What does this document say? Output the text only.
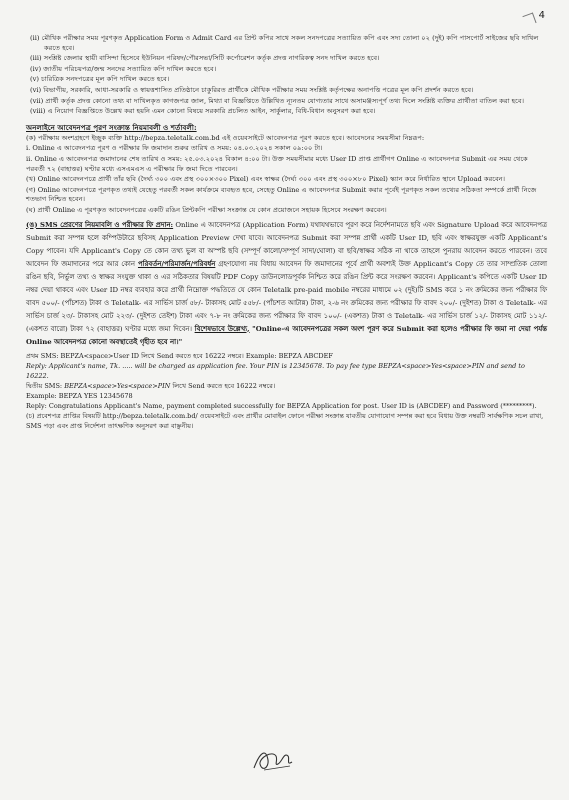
4
(ii) মৌখিক পরীক্ষার সময় পূরণকৃত Application Form ও Admit Card এর প্রিন্ট কপির সাথে সকল সনদপত্রের সত্যায়িত কপি এবং সদ্য তোলা ০২ (দুই) কপি পাসপোর্ট সাইজের ছবি দাখিল করতে হবে।
(iii) সংশ্লিষ্ট জেলার স্থায়ী বাসিন্দা হিসেবে ইউনিয়ন পরিষদ/পৌরসভা/সিটি কর্পোরেশন কর্তৃক প্রদত্ত নাগরিকত্ব সনদ দাখিল করতে হবে।
(iv) জাতীয় পরিচয়পত্র/জন্ম সনদের সত্যায়িত কপি দাখিল করতে হবে।
(v) চারিত্রিক সনদপত্রের মূল কপি দাখিল করতে হবে।
(vi) বিভাগীয়, সরকারি, আধা-সরকারি ও স্বায়ত্তশাসিত প্রতিষ্ঠানে চাকুরিরত প্রার্থীকে মৌখিক পরীক্ষার সময় সংশ্লিষ্ট কর্তৃপক্ষের অনাপত্তি পত্রের মূল কপি প্রদর্শন করতে হবে।
(vii) প্রার্থী কর্তৃক প্রদত্ত কোনো তথ্য বা দাখিলকৃত কাগজপত্র জাল, মিথ্যা বা বিজ্ঞপ্তিতে উল্লিখিত ন্যূনতম যোগ্যতার সাথে অসামঞ্জস্যপূর্ণ তথ্য দিলে সংশ্লিষ্ট ব্যক্তির প্রার্থীতা বাতিল করা হবে।
(viii) এ নিয়োগ বিজ্ঞপ্তিতে উল্লেখ করা হয়নি এমন কোনো বিষয়ে সরকারি প্রচলিত আইন, সার্কুলার, বিধি-বিধান অনুসরণ করা হবে।
অনলাইনে আবেদনপত্র পূরণ সংক্রান্ত নিয়মাবলী ও শর্তাবলী:

(ক) পরীক্ষায় অংশগ্রহণে ইচ্ছুক ব্যক্তি http://bepza.teletalk.com.bd এই ওয়েবসাইটে আবেদনপত্র পূরণ করতে হবে। আবেদনের সময়সীমা নিম্নরূপ:

i. Online এ আবেদনপত্র পূরণ ও পরীক্ষার ফি জমাদান শুরুর তারিখ ও সময়: ০৪.০৩.২০২৪ সকাল ০৯:০০ টা।

ii. Online এ আবেদনপত্র জমাদানের শেষ তারিখ ও সময়: ২৫.০৩.২০২৪ বিকাল ৪:০০ টা। উক্ত সময়সীমার মধ্যে User ID প্রাপ্ত প্রার্থীগণ Online এ আবেদনপত্র Submit এর সময় থেকে পরবর্তী ৭২ (বাহাত্তর) ঘণ্টার মধ্যে এসএমএস এ পরীক্ষার ফি জমা দিতে পারবেন।

(খ) Online আবেদনপত্রে প্রার্থী তাঁর ছবি (দৈর্ঘ্য ৩০০ এবং প্রস্থ ৩০০×৩০০ Pixel) এবং স্বাক্ষর (দৈর্ঘ্য ৩০০ এবং প্রস্থ ৩০০×৮০ Pixel) স্ক্যান করে নির্ধারিত স্থানে Upload করবেন।

(গ) Online আবেদনপত্রে পূরণকৃত তথ্যই যেহেতু পরবর্তী সকল কার্যক্রমে ব্যবহৃত হবে, সেহেতু Online এ আবেদনপত্র Submit করার পূর্বেই পূরণকৃত সকল তথ্যের সঠিকতা সম্পর্কে প্রার্থী নিজে শতভাগ নিশ্চিত হবেন।

(ঘ) প্রার্থী Online এ পূরণকৃত আবেদনপত্রের একটি রঙিন প্রিন্টকপি পরীক্ষা সংক্রান্ত যে কোন প্রয়োজনে সহায়ক হিসেবে সংরক্ষণ করবেন।

(ঙ) SMS প্রেরণের নিয়মাবলি ও পরীক্ষার ফি প্রদান: Online এ আবেদনপত্র (Application Form) যথাযথভাবে পূরণ করে নির্দেশনামতে ছবি এবং Signature Upload করে আবেদনপত্র Submit করা সম্পন্ন হলে কম্পিউটারে ছবিসহ Application Preview দেখা যাবে। আবেদনপত্র Submit করা সম্পন্ন প্রার্থী একটি User ID, ছবি এবং স্বাক্ষরযুক্ত একটি Applicant's Copy পাবেন। যদি Applicant's Copy তে কোন তথ্য ভুল বা অস্পষ্ট ছবি (সম্পূর্ণ কালো/সম্পূর্ণ সাদা/ঘোলা) বা ছবি/স্বাক্ষর সঠিক না থাকে তাহলে পুনরায় আবেদন করতে পারবেন। তবে আবেদন ফি জমাদানের পরে আর কোন পরিবর্তন/পরিমার্জন/পরিবর্ধন গ্রহণযোগ্য নয় বিধায় আবেদন ফি জমাদানের পূর্বে প্রার্থী অবশ্যই উক্ত Applicant's Copy তে তার সাম্প্রতিক তোলা রঙিন ছবি, নির্ভুল তথ্য ও স্বাক্ষর সংযুক্ত থাকা ও এর সঠিকতার বিষয়টি PDF Copy ডাউনলোডপূর্বক নিশ্চিত করে রঙিন প্রিন্ট করে সংরক্ষণ করবেন। Applicant's কপিতে একটি User ID নম্বর দেয়া থাকবে এবং User ID নম্বর ব্যবহার করে প্রার্থী নিম্নোক্ত পদ্ধতিতে যে কোন Teletalk pre-paid mobile নম্বরের মাধ্যমে ০২ (দুই)টি SMS করে ১ নং ক্রমিকের জন্য পরীক্ষার ফি বাবদ ৫০০/- (পাঁচশত) টাকা ও Teletalk- এর সার্ভিস চার্জ ৫৮/- টাকাসহ মোট ৫৫৮/- (পাঁচশত আটান্ন) টাকা, ২-৬ নং ক্রমিকের জন্য পরীক্ষার ফি বাবদ ২০০/- (দুইশত) টাকা ও Teletalk- এর সার্ভিস চার্জ ২৩/- টাকাসহ মোট ২২৩/- (দুইশত তেইশ) টাকা এবং ৭-৮ নং ক্রমিকের জন্য পরীক্ষার ফি বাবদ ১০০/- (একশত) টাকা ও Teletalk- এর সার্ভিস চার্জ ১২/- টাকাসহ মোট ১১২/- (একশত বারো) টাকা ৭২ (বাহাত্তর) ঘণ্টার মধ্যে জমা দিবেন। বিশেষভাবে উল্লেখ্য, "Online-এ আবেদনপত্রের সকল অংশ পূরণ করে Submit করা হলেও পরীক্ষার ফি জমা না দেয়া পর্যন্ত Online আবেদনপত্র কোনো অবস্থাতেই গৃহীত হবে না।"

প্রথম SMS: BEPZA<space>User ID লিখে Send করতে হবে 16222 নম্বরে। Example: BEPZA ABCDEF

Reply: Applicant's name, Tk. ..... will be charged as application fee. Your PIN is 12345678. To pay fee type BEPZA<space>Yes<space>PIN and send to 16222.

দ্বিতীয় SMS: BEPZA<space>Yes<space>PIN লিখে Send করতে হবে 16222 নম্বরে।

Example: BEPZA YES 12345678

Reply: Congratulations Applicant's Name, payment completed successfully for BEPZA Application for post. User ID is (ABCDEF) and Password (*********).

(চ) প্রবেশপত্র প্রাপ্তির বিষয়টি http://bepza.teletalk.com.bd/ ওয়েবসাইটে এবং প্রার্থীর মোবাইল ফোনে পরীক্ষা সংক্রান্ত যাবতীয় যোগাযোগ সম্পন্ন করা হবে বিধায় উক্ত নম্বরটি সার্বক্ষণিক সচল রাখা, SMS পড়া এবং প্রাপ্ত নির্দেশনা তাৎক্ষণিক অনুসরণ করা বাঞ্ছনীয়।
